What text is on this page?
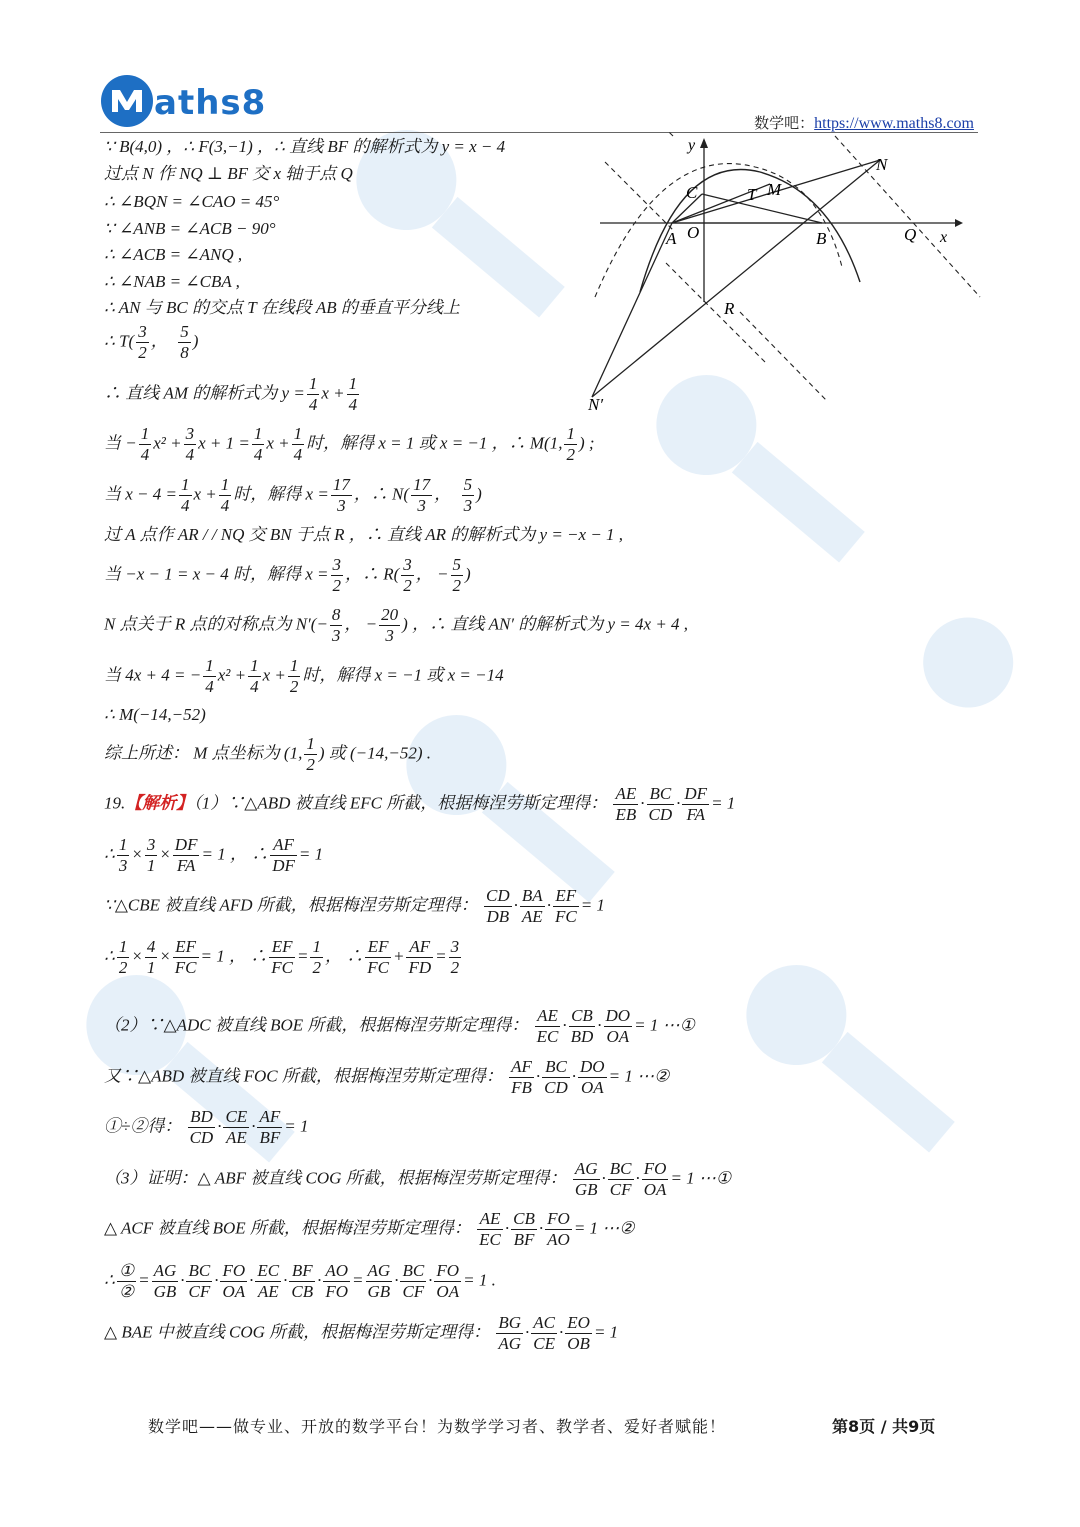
aths8	数学吧：https://www.maths8.com
y
N
C	T M
A O	B	Q x
R
N′
∵ B(4,0) ，∴ F(3,−1) ，∴ 直线 BF 的解析式为 y = x − 4
过点 N 作 NQ ⊥ BF 交 x 轴于点 Q
∴ ∠BQN = ∠CAO = 45°
∵ ∠ANB = ∠ACB − 90°
∴ ∠ACB = ∠ANQ ,
∴ ∠NAB = ∠CBA ,
∴ AN 与 BC 的交点 T 在线段 AB 的垂直平分线上
∴ $T( \frac{3}{2}$ ， $\frac{5}{8}$ )
∴ 直线 AM 的解析式为 $y = \frac{1}{4}$ $x + \frac{1}{4}$
当 − $\frac{1}{4} x^2 + \frac{3}{4}$ $x + 1 = \frac{1}{4}$ $x + \frac{1}{4}$ 时，解得 x = 1 或 x = −1 ，∴ M(1, $\frac{1}{2}$ ) ;
当 $x - 4 = \frac{1}{4}$ $x + \frac{1}{4}$ 时，解得 $x = \frac{17}{3}$ ，∴ $N( \frac{17}{3}$ ， $\frac{5}{3}$ )
过 A 点作 AR / / NQ 交 BN 于点 R ，∴ 直线 AR 的解析式为 y = −x − 1 ,
当 −x − 1 = x − 4 时，解得 $x = \frac{3}{2}$ ，∴ $R( \frac{3}{2}$ ， − $\frac{5}{2}$ )
N 点关于 R 点的对称点为 $N'(- \frac{8}{3}$ ， − $\frac{20}{3}$ ) ，∴ 直线 AN′ 的解析式为 y = 4x + 4 ,
当 4x + 4 = − $\frac{1}{4} x^2 + \frac{1}{4}$ $x + \frac{1}{2}$ 时，解得 x = −1 或 x = −14
∴ M(−14,−52)
综上所述： M 点坐标为 (1, $\frac{1}{2}$ ) 或 (−14,−52) .
19.【解析】（1）∵△ABD 被直线 EFC 所截，根据梅涅劳斯定理得： $\frac{AE}{EB} \cdot \frac{BC}{CD} \cdot \frac{DF}{FA} = 1$
∴ $\frac{1}{3} \times \frac{3}{1} \times \frac{DF}{FA} = 1$ ， ∴ $\frac{AF}{DF} = 1$
∵△CBE 被直线 AFD 所截，根据梅涅劳斯定理得： $\frac{CD}{DB} \cdot \frac{BA}{AE} \cdot \frac{EF}{FC} = 1$
∴ $\frac{1}{2} \times \frac{4}{1} \times \frac{EF}{FC} = 1$ ， ∴ $\frac{EF}{FC} = \frac{1}{2}$ ， ∴ $\frac{EF}{FC} + \frac{AF}{FD} = \frac{3}{2}$
（2）∵△ADC 被直线 BOE 所截，根据梅涅劳斯定理得： $\frac{AE}{EC} \cdot \frac{CB}{BD} \cdot \frac{DO}{OA} = 1$ ⋯①
又∵△ABD 被直线 FOC 所截，根据梅涅劳斯定理得： $\frac{AF}{FB} \cdot \frac{BC}{CD} \cdot \frac{DO}{OA} = 1$ ⋯②
①÷②得： $\frac{BD}{CD} \cdot \frac{CE}{AE} \cdot \frac{AF}{BF} = 1$
（3）证明：△ ABF 被直线 COG 所截，根据梅涅劳斯定理得： $\frac{AG}{GB} \cdot \frac{BC}{CF} \cdot \frac{FO}{OA} = 1$ ⋯①
△ ACF 被直线 BOE 所截，根据梅涅劳斯定理得： $\frac{AE}{EC} \cdot \frac{CB}{BF} \cdot \frac{FO}{AO} = 1$ ⋯②
∴ $\frac{\text{①}}{\text{②}} = \frac{AG}{GB} \cdot \frac{BC}{CF} \cdot \frac{FO}{OA} \cdot \frac{EC}{AE} \cdot \frac{BF}{CB} \cdot \frac{AO}{FO} = \frac{AG}{GB} \cdot \frac{BC}{CF} \cdot \frac{FO}{OA} = 1$ .
△ BAE 中被直线 COG 所截，根据梅涅劳斯定理得： $\frac{BG}{AG} \cdot \frac{AC}{CE} \cdot \frac{EO}{OB} = 1$
数学吧——做专业、开放的数学平台！为数学学习者、教学者、爱好者赋能！	第8页 / 共9页
